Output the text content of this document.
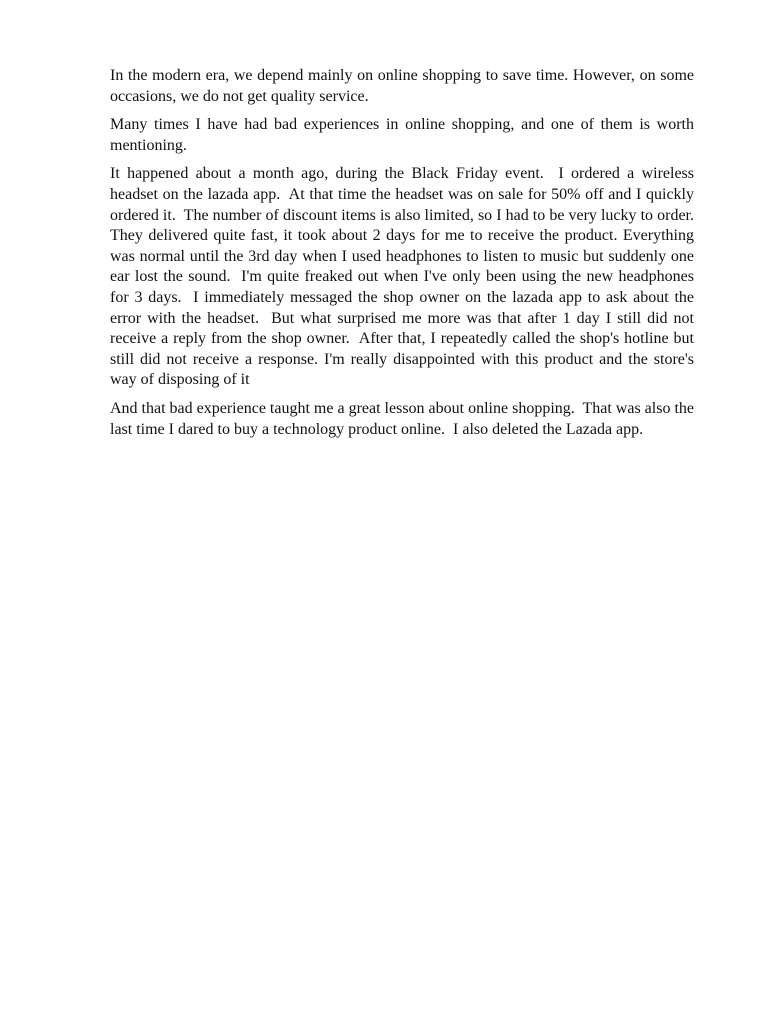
In the modern era, we depend mainly on online shopping to save time. However, on some occasions, we do not get quality service.

Many times I have had bad experiences in online shopping, and one of them is worth mentioning.

It happened about a month ago, during the Black Friday event.  I ordered a wireless headset on the lazada app.  At that time the headset was on sale for 50% off and I quickly ordered it.  The number of discount items is also limited, so I had to be very lucky to order. They delivered quite fast, it took about 2 days for me to receive the product. Everything was normal until the 3rd day when I used headphones to listen to music but suddenly one ear lost the sound.  I'm quite freaked out when I've only been using the new headphones for 3 days.  I immediately messaged the shop owner on the lazada app to ask about the error with the headset.  But what surprised me more was that after 1 day I still did not receive a reply from the shop owner.  After that, I repeatedly called the shop's hotline but still did not receive a response. I'm really disappointed with this product and the store's way of disposing of it

And that bad experience taught me a great lesson about online shopping.  That was also the last time I dared to buy a technology product online.  I also deleted the Lazada app.
